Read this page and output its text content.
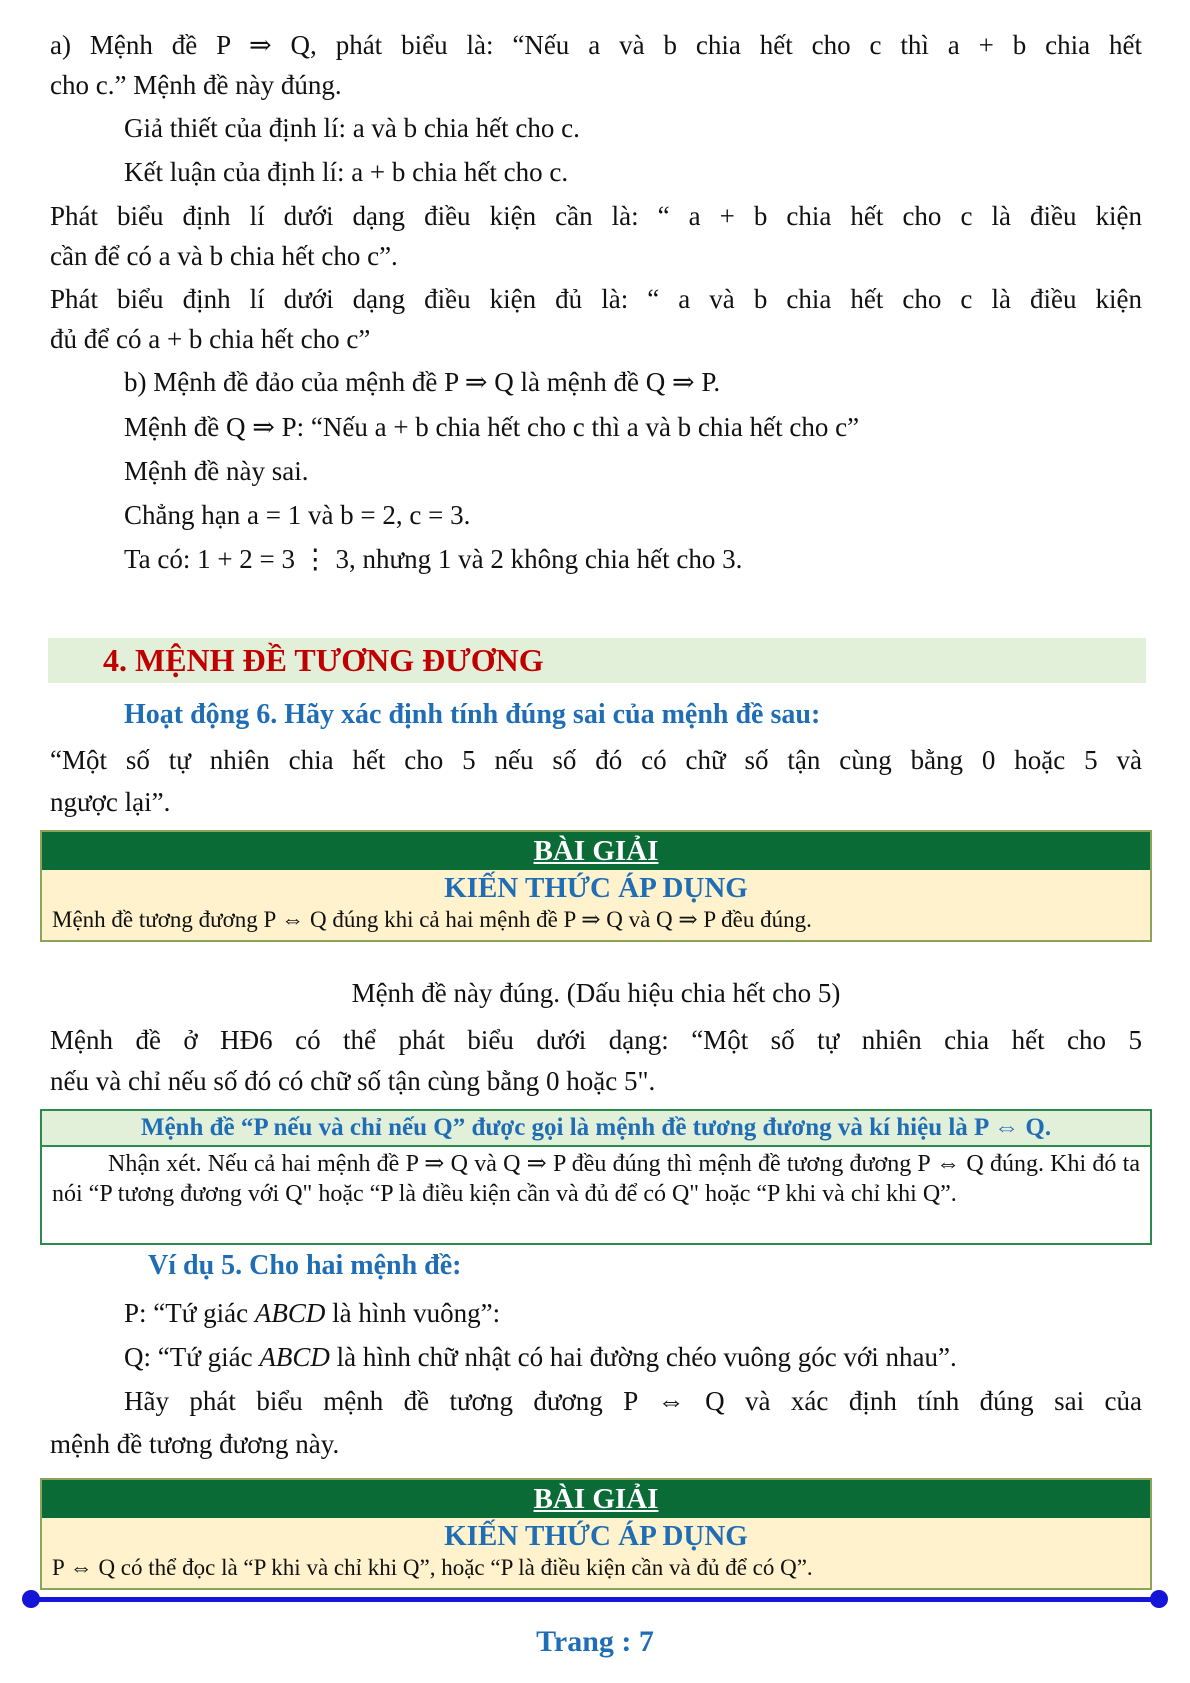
a) Mệnh đề P ⇒ Q, phát biểu là: “Nếu a và b chia hết cho c thì a + b chia hết
cho c.” Mệnh đề này đúng.
Giả thiết của định lí: a và b chia hết cho c.
Kết luận của định lí: a + b chia hết cho c.
Phát biểu định lí dưới dạng điều kiện cần là: “ a + b chia hết cho c là điều kiện
cần để có a và b chia hết cho c”.
Phát biểu định lí dưới dạng điều kiện đủ là: “ a và b chia hết cho c là điều kiện
đủ để có a + b chia hết cho c”
b) Mệnh đề đảo của mệnh đề P ⇒ Q là mệnh đề Q ⇒ P.
Mệnh đề Q ⇒ P: “Nếu a + b chia hết cho c thì a và b chia hết cho c”
Mệnh đề này sai.
Chẳng hạn a = 1 và b = 2, c = 3.
Ta có: 1 + 2 = 3 ⋮ 3, nhưng 1 và 2 không chia hết cho 3.
4. MỆNH ĐỀ TƯƠNG ĐƯƠNG
Hoạt động 6. Hãy xác định tính đúng sai của mệnh đề sau:
“Một số tự nhiên chia hết cho 5 nếu số đó có chữ số tận cùng bằng 0 hoặc 5 và
ngược lại”.
BÀI GIẢI
KIẾN THỨC ÁP DỤNG
Mệnh đề tương đương P ⇔ Q đúng khi cả hai mệnh đề P ⇒ Q và Q ⇒ P đều đúng.
Mệnh đề này đúng. (Dấu hiệu chia hết cho 5)
Mệnh đề ở HĐ6 có thể phát biểu dưới dạng: “Một số tự nhiên chia hết cho 5
nếu và chỉ nếu số đó có chữ số tận cùng bằng 0 hoặc 5".
Mệnh đề “P nếu và chỉ nếu Q” được gọi là mệnh đề tương đương và kí hiệu là P ⇔ Q.
Nhận xét. Nếu cả hai mệnh đề P ⇒ Q và Q ⇒ P đều đúng thì mệnh đề tương đương P ⇔ Q đúng. Khi đó ta nói “P tương đương với Q" hoặc “P là điều kiện cần và đủ để có Q" hoặc “P khi và chỉ khi Q”.
Ví dụ 5. Cho hai mệnh đề:
P: “Tứ giác ABCD là hình vuông”:
Q: “Tứ giác ABCD là hình chữ nhật có hai đường chéo vuông góc với nhau”.
Hãy phát biểu mệnh đề tương đương P ⇔ Q và xác định tính đúng sai của
mệnh đề tương đương này.
BÀI GIẢI
KIẾN THỨC ÁP DỤNG
P ⇔ Q có thể đọc là “P khi và chỉ khi Q”, hoặc “P là điều kiện cần và đủ để có Q”.
Trang : 7
